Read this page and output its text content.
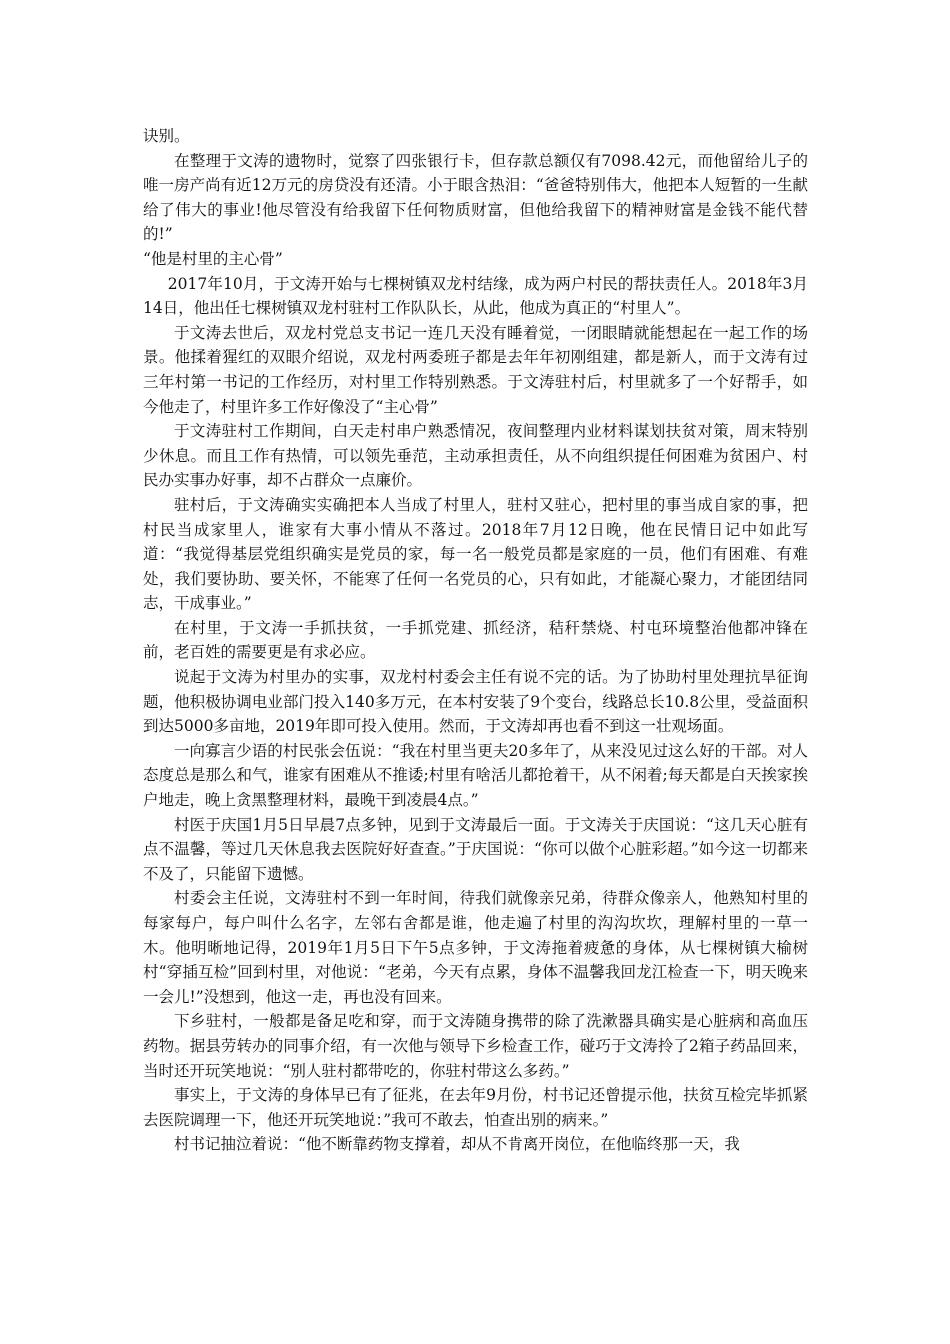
诀别。

在整理于文涛的遗物时，觉察了四张银行卡，但存款总额仅有7098.42元，而他留给儿子的唯一房产尚有近12万元的房贷没有还清。小于眼含热泪：“爸爸特别伟大，他把本人短暂的一生献给了伟大的事业!他尽管没有给我留下任何物质财富，但他给我留下的精神财富是金钱不能代替的!”

“他是村里的主心骨”

2017年10月，于文涛开始与七棵树镇双龙村结缘，成为两户村民的帮扶责任人。2018年3月14日，他出任七棵树镇双龙村驻村工作队队长，从此，他成为真正的“村里人”。

于文涛去世后，双龙村党总支书记一连几天没有睡着觉，一闭眼睛就能想起在一起工作的场景。他揉着猩红的双眼介绍说，双龙村两委班子都是去年年初刚组建，都是新人，而于文涛有过三年村第一书记的工作经历，对村里工作特别熟悉。于文涛驻村后，村里就多了一个好帮手，如今他走了，村里许多工作好像没了“主心骨”

于文涛驻村工作期间，白天走村串户熟悉情况，夜间整理内业材料谋划扶贫对策，周末特别少休息。而且工作有热情，可以领先垂范，主动承担责任，从不向组织提任何困难为贫困户、村民办实事办好事，却不占群众一点廉价。

驻村后，于文涛确实实确把本人当成了村里人，驻村又驻心，把村里的事当成自家的事，把村民当成家里人，谁家有大事小情从不落过。2018年7月12日晚，他在民情日记中如此写道：“我觉得基层党组织确实是党员的家，每一名一般党员都是家庭的一员，他们有困难、有难处，我们要协助、要关怀，不能寒了任何一名党员的心，只有如此，才能凝心聚力，才能团结同志，干成事业。”

在村里，于文涛一手抓扶贫，一手抓党建、抓经济，秸秆禁烧、村屯环境整治他都冲锋在前，老百姓的需要更是有求必应。

说起于文涛为村里办的实事，双龙村村委会主任有说不完的话。为了协助村里处理抗旱征询题，他积极协调电业部门投入140多万元，在本村安装了9个变台，线路总长10.8公里，受益面积到达5000多亩地，2019年即可投入使用。然而，于文涛却再也看不到这一壮观场面。

一向寡言少语的村民张会伍说：“我在村里当更夫20多年了，从来没见过这么好的干部。对人态度总是那么和气，谁家有困难从不推诿;村里有啥活儿都抢着干，从不闲着;每天都是白天挨家挨户地走，晚上贪黑整理材料，最晚干到凌晨4点。”

村医于庆国1月5日早晨7点多钟，见到于文涛最后一面。于文涛关于庆国说：“这几天心脏有点不温馨，等过几天休息我去医院好好查查。”于庆国说：“你可以做个心脏彩超。”如今这一切都来不及了，只能留下遗憾。

村委会主任说，文涛驻村不到一年时间，待我们就像亲兄弟，待群众像亲人，他熟知村里的每家每户，每户叫什么名字，左邻右舍都是谁，他走遍了村里的沟沟坎坎，理解村里的一草一木。他明晰地记得，2019年1月5日下午5点多钟，于文涛拖着疲惫的身体，从七棵树镇大榆树村“穿插互检”回到村里，对他说：“老弟，今天有点累，身体不温馨我回龙江检查一下，明天晚来一会儿!”没想到，他这一走，再也没有回来。

下乡驻村，一般都是备足吃和穿，而于文涛随身携带的除了洗漱器具确实是心脏病和高血压药物。据县劳转办的同事介绍，有一次他与领导下乡检查工作，碰巧于文涛拎了2箱子药品回来，当时还开玩笑地说：“别人驻村都带吃的，你驻村带这么多药。”

事实上，于文涛的身体早已有了征兆，在去年9月份，村书记还曾提示他，扶贫互检完毕抓紧去医院调理一下，他还开玩笑地说：”我可不敢去，怕查出别的病来。”

村书记抽泣着说：“他不断靠药物支撑着，却从不肯离开岗位，在他临终那一天，我
